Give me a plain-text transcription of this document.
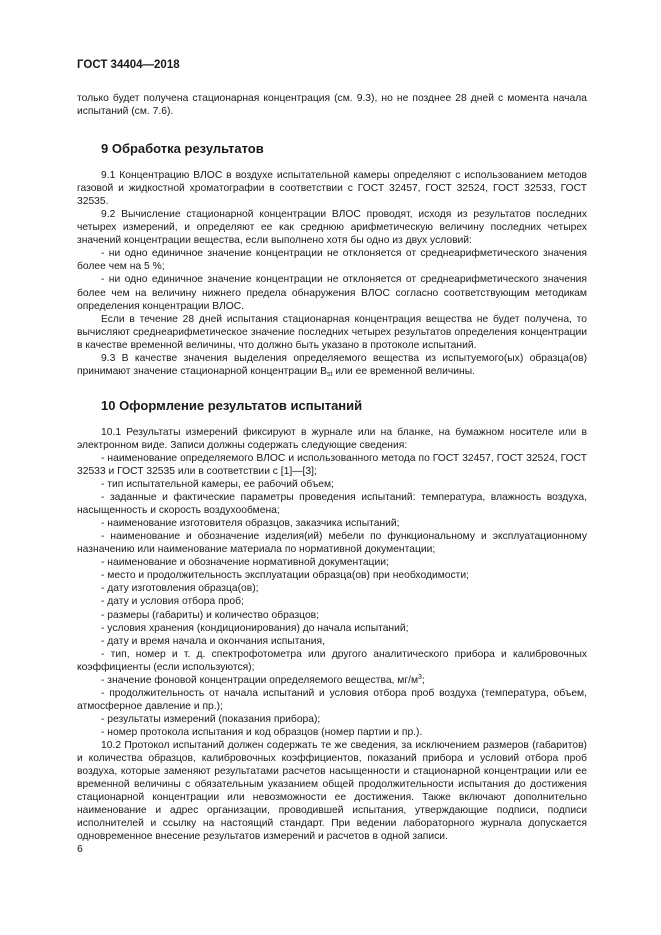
ГОСТ 34404—2018

только будет получена стационарная концентрация (см. 9.3), но не позднее 28 дней с момента начала испытаний (см. 7.6).

9 Обработка результатов

9.1 Концентрацию ВЛОС в воздухе испытательной камеры определяют с использованием методов газовой и жидкостной хроматографии в соответствии с ГОСТ 32457, ГОСТ 32524, ГОСТ 32533, ГОСТ 32535.

9.2 Вычисление стационарной концентрации ВЛОС проводят, исходя из результатов последних четырех измерений, и определяют ее как среднюю арифметическую величину последних четырех значений концентрации вещества, если выполнено хотя бы одно из двух условий:

- ни одно единичное значение концентрации не отклоняется от среднеарифметического значения более чем на 5 %;

- ни одно единичное значение концентрации не отклоняется от среднеарифметического значения более чем на величину нижнего предела обнаружения ВЛОС согласно соответствующим методикам определения концентрации ВЛОС.

Если в течение 28 дней испытания стационарная концентрация вещества не будет получена, то вычисляют среднеарифметическое значение последних четырех результатов определения концентрации в качестве временной величины, что должно быть указано в протоколе испытаний.

9.3 В качестве значения выделения определяемого вещества из испытуемого(ых) образца(ов) принимают значение стационарной концентрации $B_{st}$ или ее временной величины.

10 Оформление результатов испытаний

10.1 Результаты измерений фиксируют в журнале или на бланке, на бумажном носителе или в электронном виде. Записи должны содержать следующие сведения:

- наименование определяемого ВЛОС и использованного метода по ГОСТ 32457, ГОСТ 32524, ГОСТ 32533 и ГОСТ 32535 или в соответствии с [1]—[3];

- тип испытательной камеры, ее рабочий объем;

- заданные и фактические параметры проведения испытаний: температура, влажность воздуха, насыщенность и скорость воздухообмена;

- наименование изготовителя образцов, заказчика испытаний;

- наименование и обозначение изделия(ий) мебели по функциональному и эксплуатационному назначению или наименование материала по нормативной документации;

- наименование и обозначение нормативной документации;

- место и продолжительность эксплуатации образца(ов) при необходимости;

- дату изготовления образца(ов);

- дату и условия отбора проб;

- размеры (габариты) и количество образцов;

- условия хранения (кондиционирования) до начала испытаний;

- дату и время начала и окончания испытания,

- тип, номер и т. д. спектрофотометра или другого аналитического прибора и калибровочных коэффициенты (если используются);

- значение фоновой концентрации определяемого вещества, $мг/м^3$;

- продолжительность от начала испытаний и условия отбора проб воздуха (температура, объем, атмосферное давление и пр.);

- результаты измерений (показания прибора);

- номер протокола испытания и код образцов (номер партии и пр.).

10.2 Протокол испытаний должен содержать те же сведения, за исключением размеров (габаритов) и количества образцов, калибровочных коэффициентов, показаний прибора и условий отбора проб воздуха, которые заменяют результатами расчетов насыщенности и стационарной концентрации или ее временной величины с обязательным указанием общей продолжительности испытания до достижения стационарной концентрации или невозможности ее достижения. Также включают дополнительно наименование и адрес организации, проводившей испытания, утверждающие подписи, подписи исполнителей и ссылку на настоящий стандарт. При ведении лабораторного журнала допускается одновременное внесение результатов измерений и расчетов в одной записи.

6
